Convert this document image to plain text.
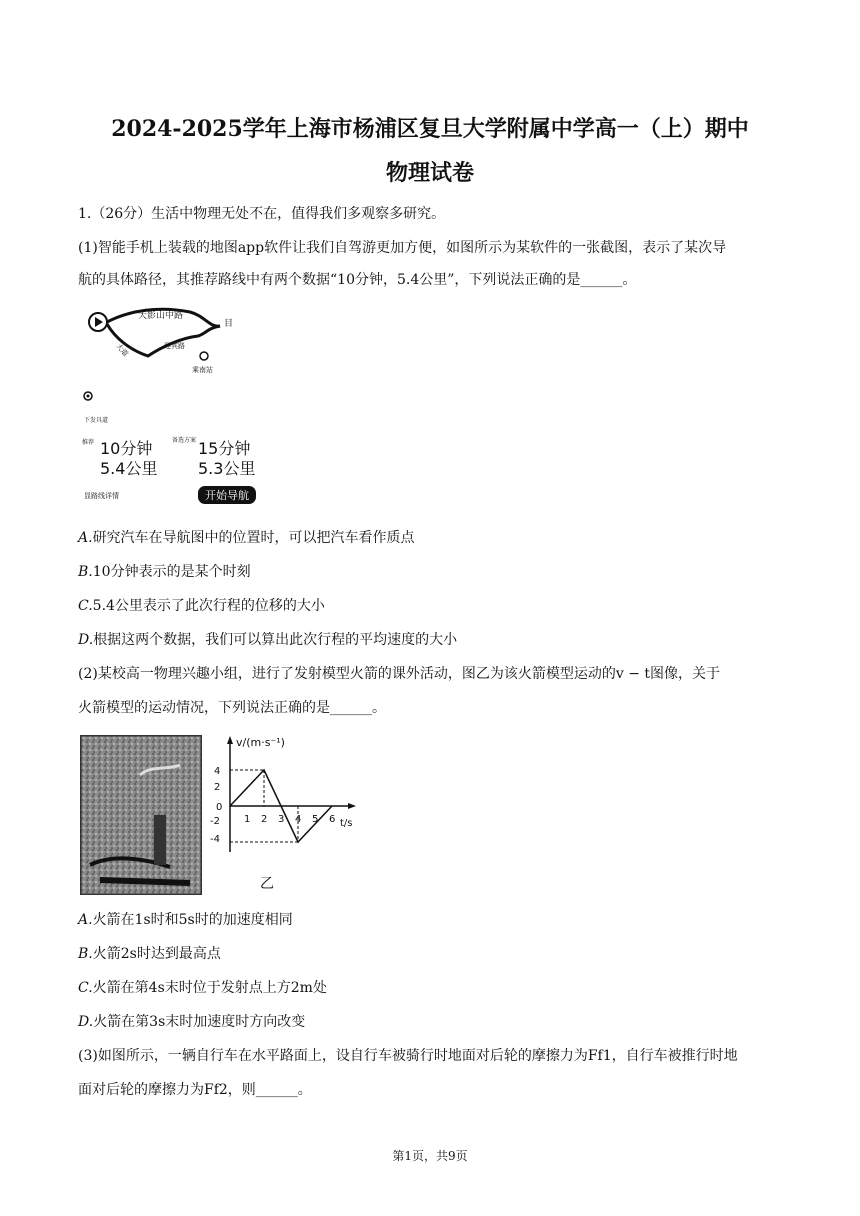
2024-2025学年上海市杨浦区复旦大学附属中学高一（上）期中
物理试卷
1.（26分）生活中物理无处不在，值得我们多观察多研究。
(1)智能手机上装载的地图app软件让我们自驾游更加方便，如图所示为某软件的一张截图，表示了某次导
航的具体路径，其推荐路线中有两个数据“10分钟，5.4公里”，下列说法正确的是______。
天影山中路
大道	迎宾路
目
乘南站
下发具道
推荐 10分钟
5.4公里
备选方案 15分钟
5.3公里
显路线详情	开始导航
A.研究汽车在导航图中的位置时，可以把汽车看作质点
B.10分钟表示的是某个时刻
C.5.4公里表示了此次行程的位移的大小
D.根据这两个数据，我们可以算出此次行程的平均速度的大小
(2)某校高一物理兴趣小组，进行了发射模型火箭的课外活动，图乙为该火箭模型运动的v − t图像，关于
火箭模型的运动情况，下列说法正确的是______。
v/(m·s⁻¹)
t/s
4
2
0
-2
-4
1 2 3 4 5 6
乙
A.火箭在1s时和5s时的加速度相同
B.火箭2s时达到最高点
C.火箭在第4s末时位于发射点上方2m处
D.火箭在第3s末时加速度时方向改变
(3)如图所示，一辆自行车在水平路面上，设自行车被骑行时地面对后轮的摩擦力为Ff1，自行车被推行时地
面对后轮的摩擦力为Ff2，则______。
第1页，共9页
